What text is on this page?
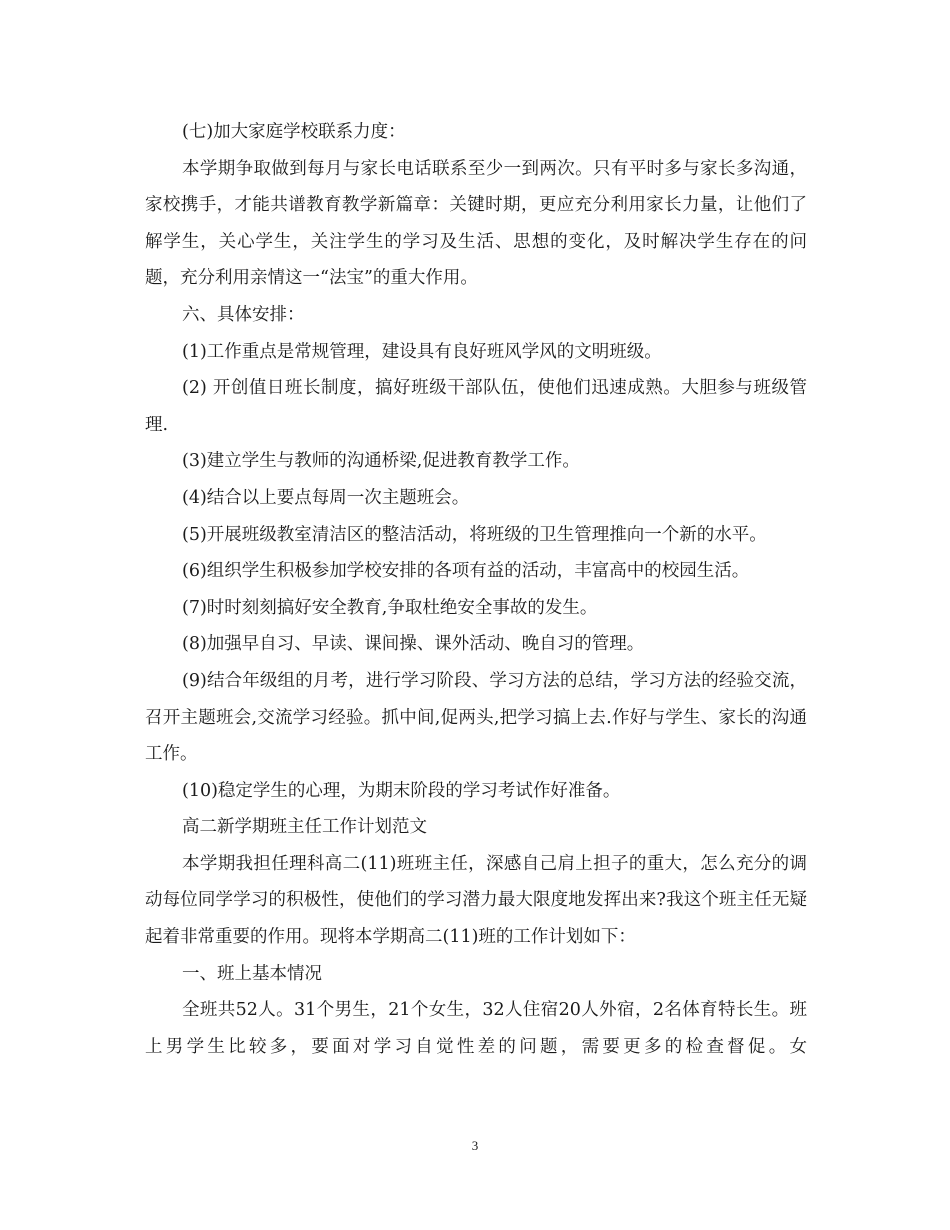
(七)加大家庭学校联系力度：

本学期争取做到每月与家长电话联系至少一到两次。只有平时多与家长多沟通，家校携手，才能共谱教育教学新篇章：关键时期，更应充分利用家长力量，让他们了解学生，关心学生，关注学生的学习及生活、思想的变化，及时解决学生存在的问题，充分利用亲情这一“法宝”的重大作用。

六、具体安排：

(1)工作重点是常规管理，建设具有良好班风学风的文明班级。

(2) 开创值日班长制度，搞好班级干部队伍，使他们迅速成熟。大胆参与班级管理.

(3)建立学生与教师的沟通桥梁,促进教育教学工作。

(4)结合以上要点每周一次主题班会。

(5)开展班级教室清洁区的整洁活动，将班级的卫生管理推向一个新的水平。

(6)组织学生积极参加学校安排的各项有益的活动，丰富高中的校园生活。

(7)时时刻刻搞好安全教育,争取杜绝安全事故的发生。

(8)加强早自习、早读、课间操、课外活动、晚自习的管理。

(9)结合年级组的月考，进行学习阶段、学习方法的总结，学习方法的经验交流，召开主题班会,交流学习经验。抓中间,促两头,把学习搞上去.作好与学生、家长的沟通工作。

(10)稳定学生的心理，为期末阶段的学习考试作好准备。

高二新学期班主任工作计划范文

本学期我担任理科高二(11)班班主任，深感自己肩上担子的重大，怎么充分的调动每位同学学习的积极性，使他们的学习潜力最大限度地发挥出来?我这个班主任无疑起着非常重要的作用。现将本学期高二(11)班的工作计划如下：

一、班上基本情况

全班共52人。31个男生，21个女生，32人住宿20人外宿，2名体育特长生。班上男学生比较多，要面对学习自觉性差的问题，需要更多的检查督促。女

3
